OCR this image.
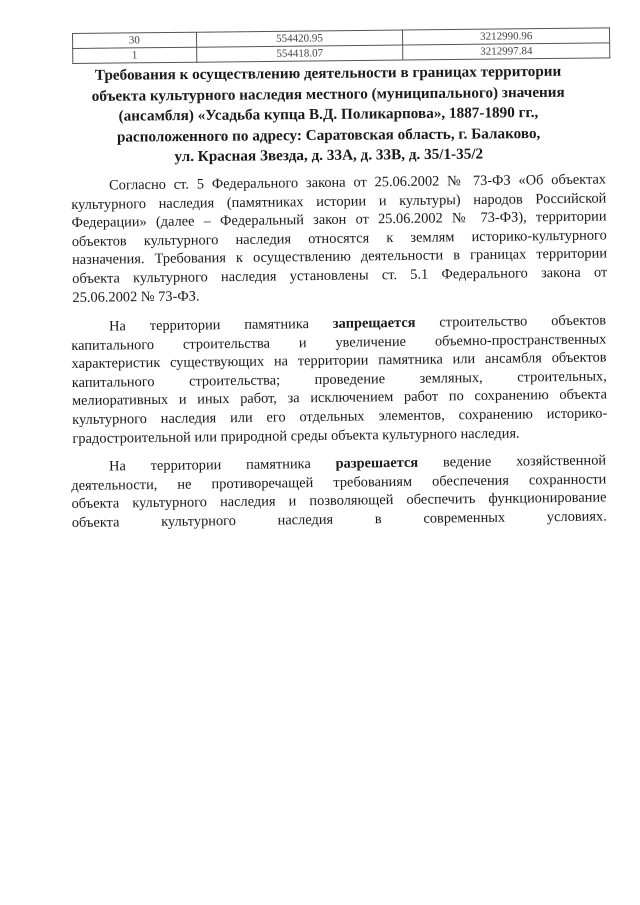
30	554420.95	3212990.96
1	554418.07	3212997.84
Требования к осуществлению деятельности в границах территории
объекта культурного наследия местного (муниципального) значения
(ансамбля) «Усадьба купца В.Д. Поликарпова», 1887-1890 гг.,
расположенного по адресу: Саратовская область, г. Балаково,
ул. Красная Звезда, д. 33А, д. 33В, д. 35/1-35/2
Согласно ст. 5 Федерального закона от 25.06.2002 № 73-ФЗ «Об объектах
культурного наследия (памятниках истории и культуры) народов Российской
Федерации» (далее – Федеральный закон от 25.06.2002 № 73-ФЗ), территории
объектов культурного наследия относятся к землям историко-культурного
назначения. Требования к осуществлению деятельности в границах территории
объекта культурного наследия установлены ст. 5.1 Федерального закона от
25.06.2002 № 73-ФЗ.
На территории памятника запрещается строительство объектов
капитального строительства и увеличение объемно-пространственных
характеристик существующих на территории памятника или ансамбля объектов
капитального строительства; проведение земляных, строительных,
мелиоративных и иных работ, за исключением работ по сохранению объекта
культурного наследия или его отдельных элементов, сохранению историко-
градостроительной или природной среды объекта культурного наследия.
На территории памятника разрешается ведение хозяйственной
деятельности, не противоречащей требованиям обеспечения сохранности
объекта культурного наследия и позволяющей обеспечить функционирование
объекта культурного наследия в современных условиях.
